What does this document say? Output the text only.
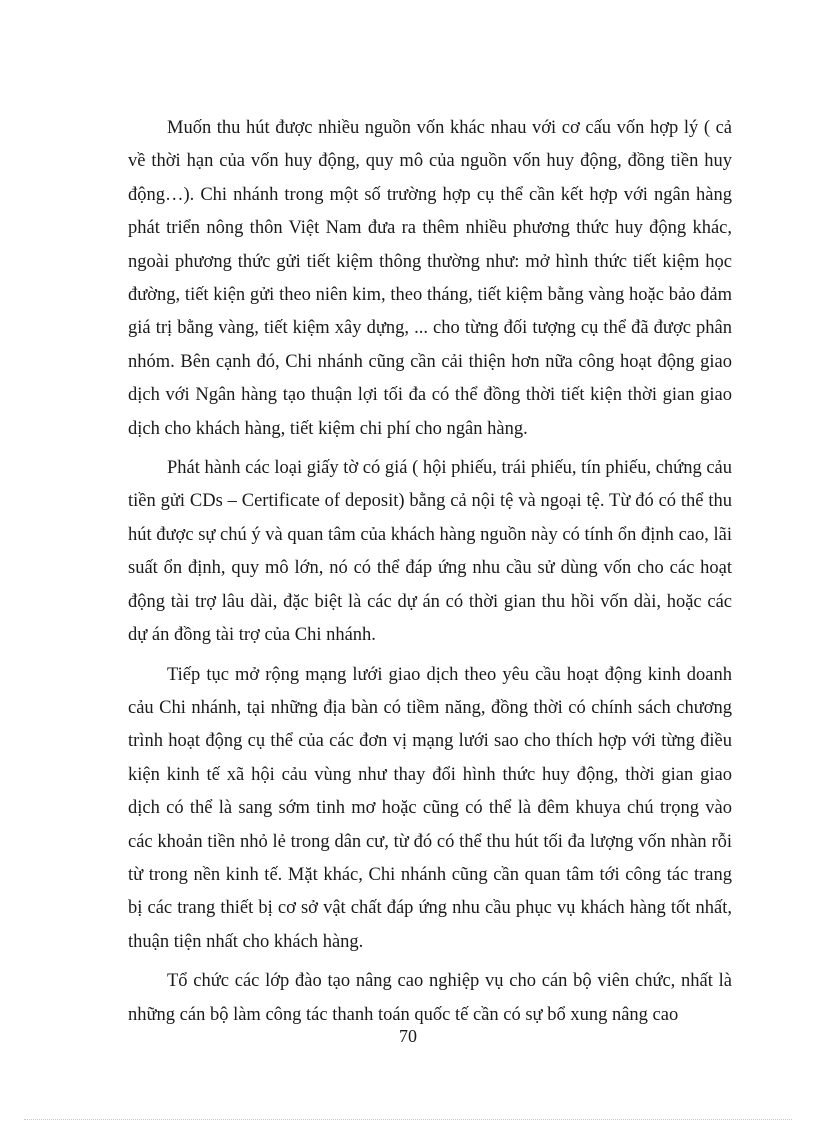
Muốn thu hút được nhiều nguồn vốn khác nhau với cơ cấu vốn hợp lý ( cả về thời hạn của vốn huy động, quy mô của nguồn vốn huy động, đồng tiền huy động…). Chi nhánh trong một số trường hợp cụ thể cần kết hợp với ngân hàng phát triển nông thôn Việt Nam đưa ra thêm nhiều phương thức huy động khác, ngoài phương thức gửi tiết kiệm thông thường như: mở hình thức tiết kiệm học đường, tiết kiện gửi theo niên kim, theo tháng, tiết kiệm bằng vàng hoặc bảo đảm giá trị bằng vàng, tiết kiệm xây dựng, ... cho từng đối tượng cụ thể đã được phân nhóm. Bên cạnh đó, Chi nhánh cũng cần cải thiện hơn nữa công hoạt động giao dịch với Ngân hàng tạo thuận lợi tối đa có thể đồng thời tiết kiện thời gian giao dịch cho khách hàng, tiết kiệm chi phí cho ngân hàng.

Phát hành các loại giấy tờ có giá ( hội phiếu, trái phiếu, tín phiếu, chứng cảu tiền gửi CDs – Certificate of deposit) bằng cả nội tệ và ngoại tệ. Từ đó có thể thu hút được sự chú ý và quan tâm của khách hàng nguồn này có tính ổn định cao, lãi suất ổn định, quy mô lớn, nó có thể đáp ứng nhu cầu sử dùng vốn cho các hoạt động tài trợ lâu dài, đặc biệt là các dự án có thời gian thu hồi vốn dài, hoặc các dự án đồng tài trợ của Chi nhánh.

Tiếp tục mở rộng mạng lưới giao dịch theo yêu cầu hoạt động kinh doanh cảu Chi nhánh, tại những địa bàn có tiềm năng, đồng thời có chính sách chương trình hoạt động cụ thể của các đơn vị mạng lưới sao cho thích hợp với từng điều kiện kinh tế xã hội cảu vùng như thay đổi hình thức huy động, thời gian giao dịch có thể là sang sớm tinh mơ hoặc cũng có thể là đêm khuya chú trọng vào các khoản tiền nhỏ lẻ trong dân cư, từ đó có thể thu hút tối đa lượng vốn nhàn rỗi từ trong nền kinh tế. Mặt khác, Chi nhánh cũng cần quan tâm tới công tác trang bị các trang thiết bị cơ sở vật chất đáp ứng nhu cầu phục vụ khách hàng tốt nhất, thuận tiện nhất cho khách hàng.

Tổ chức các lớp đào tạo nâng cao nghiệp vụ cho cán bộ viên chức, nhất là những cán bộ làm công tác thanh toán quốc tế cần có sự bổ xung nâng cao

70
